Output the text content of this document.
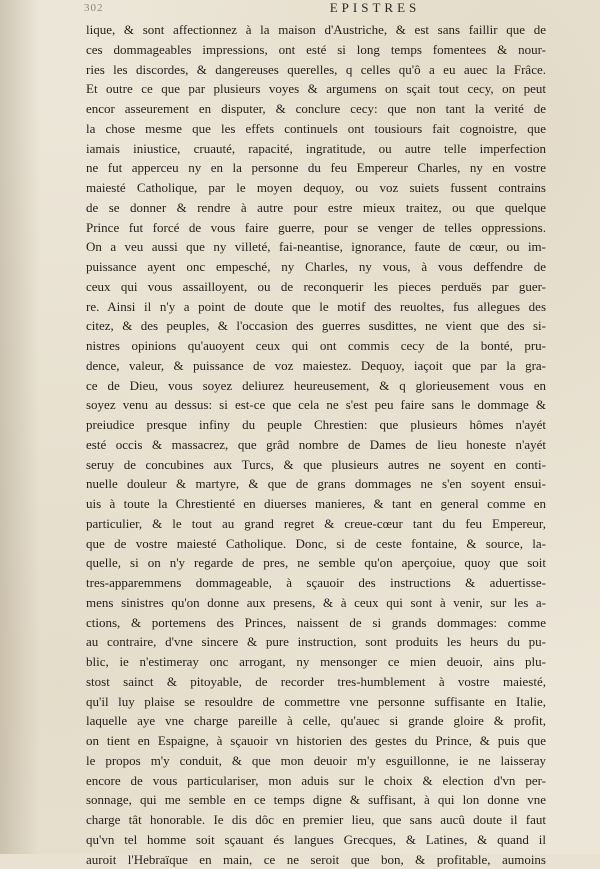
302	EPISTRES
lique, & sont affectionnez à la maison d'Austriche, & est sans faillir que de
ces dommageables impressions, ont esté si long temps fomentees & nour-
ries les discordes, & dangereuses querelles, q celles qu'ô a eu auec la Frâce.
Et outre ce que par plusieurs voyes & argumens on sçait tout cecy, on peut
encor asseurement en disputer, & conclure cecy: que non tant la verité de
la chose mesme que les effets continuels ont tousiours fait cognoistre, que
iamais iniustice, cruauté, rapacité, ingratitude, ou autre telle imperfection
ne fut apperceu ny en la personne du feu Empereur Charles, ny en vostre
maiesté Catholique, par le moyen dequoy, ou voz suiets fussent contrains
de se donner & rendre à autre pour estre mieux traitez, ou que quelque
Prince fut forcé de vous faire guerre, pour se venger de telles oppressions.
On a veu aussi que ny villeté, fai-neantise, ignorance, faute de cœur, ou im-
puissance ayent onc empesché, ny Charles, ny vous, à vous deffendre de
ceux qui vous assailloyent, ou de reconquerir les pieces perduës par guer-
re. Ainsi il n'y a point de doute que le motif des reuoltes, fus allegues des
citez, & des peuples, & l'occasion des guerres susdittes, ne vient que des si-
nistres opinions qu'auoyent ceux qui ont commis cecy de la bonté, pru-
dence, valeur, & puissance de voz maiestez. Dequoy, iaçoit que par la gra-
ce de Dieu, vous soyez deliurez heureusement, & q glorieusement vous en
soyez venu au dessus: si est-ce que cela ne s'est peu faire sans le dommage &
preiudice presque infiny du peuple Chrestien: que plusieurs hômes n'ayét
esté occis & massacrez, que grâd nombre de Dames de lieu honeste n'ayét
seruy de concubines aux Turcs, & que plusieurs autres ne soyent en conti-
nuelle douleur & martyre, & que de grans dommages ne s'en soyent ensui-
uis à toute la Chrestienté en diuerses manieres, & tant en general comme en
particulier, & le tout au grand regret & creue-cœur tant du feu Empereur,
que de vostre maiesté Catholique. Donc, si de ceste fontaine, & source, la-
quelle, si on n'y regarde de pres, ne semble qu'on aperçoiue, quoy que soit
tres-apparemmens dommageable, à sçauoir des instructions & aduertisse-
mens sinistres qu'on donne aux presens, & à ceux qui sont à venir, sur les a-
ctions, & portemens des Princes, naissent de si grands dommages: comme
au contraire, d'vne sincere & pure instruction, sont produits les heurs du pu-
blic, ie n'estimeray onc arrogant, ny mensonger ce mien deuoir, ains plu-
stost sainct & pitoyable, de recorder tres-humblement à vostre maiesté,
qu'il luy plaise se resouldre de commettre vne personne suffisante en Italie,
laquelle aye vne charge pareille à celle, qu'auec si grande gloire & profit,
on tient en Espaigne, à sçauoir vn historien des gestes du Prince, & puis que
le propos m'y conduit, & que mon deuoir m'y esguillonne, ie ne laisseray
encore de vous particulariser, mon aduis sur le choix & election d'vn per-
sonnage, qui me semble en ce temps digne & suffisant, à qui lon donne vne
charge tât honorable. Ie dis dôc en premier lieu, que sans aucû doute il faut
qu'vn tel homme soit sçauant és langues Grecques, & Latines, & quand il
auroit l'Hebraïque en main, ce ne seroit que bon, & profitable, aumoins
